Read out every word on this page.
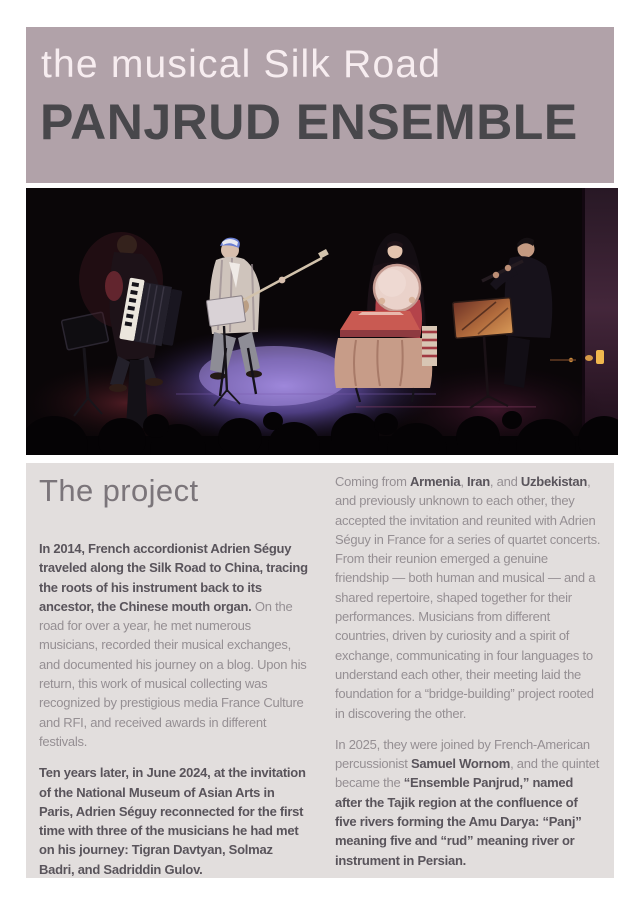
the musical Silk Road
PANJRUD ENSEMBLE
The project

In 2014, French accordionist Adrien Séguy traveled along the Silk Road to China, tracing the roots of his instrument back to its ancestor, the Chinese mouth organ. On the road for over a year, he met numerous musicians, recorded their musical exchanges, and documented his journey on a blog. Upon his return, this work of musical collecting was recognized by prestigious media France Culture and RFI, and received awards in different festivals.

Ten years later, in June 2024, at the invitation of the National Museum of Asian Arts in Paris, Adrien Séguy reconnected for the first time with three of the musicians he had met on his journey: Tigran Davtyan, Solmaz Badri, and Sadriddin Gulov.

Coming from Armenia, Iran, and Uzbekistan, and previously unknown to each other, they accepted the invitation and reunited with Adrien Séguy in France for a series of quartet concerts. From their reunion emerged a genuine friendship — both human and musical — and a shared repertoire, shaped together for their performances. Musicians from different countries, driven by curiosity and a spirit of exchange, communicating in four languages to understand each other, their meeting laid the foundation for a “bridge-building” project rooted in discovering the other.

In 2025, they were joined by French-American percussionist Samuel Wornom, and the quintet became the “Ensemble Panjrud,” named after the Tajik region at the confluence of five rivers forming the Amu Darya: “Panj” meaning five and “rud” meaning river or instrument in Persian.
